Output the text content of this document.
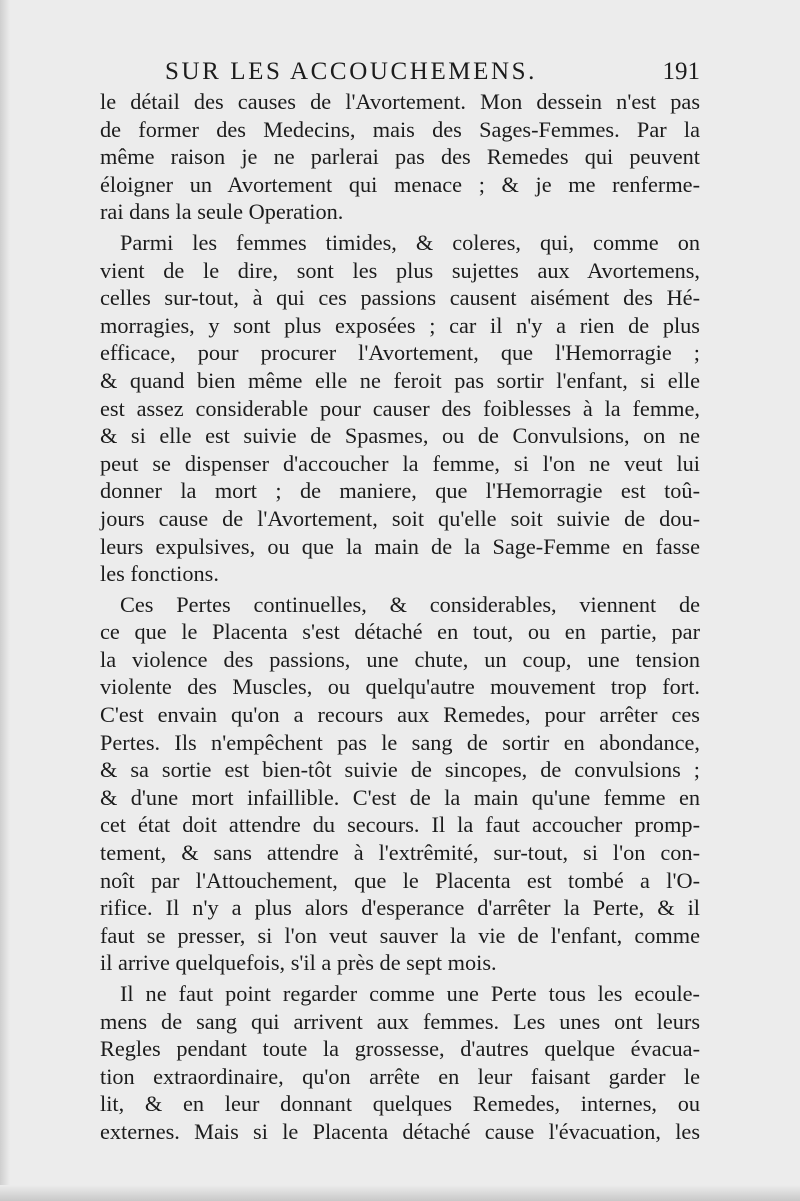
SUR LES ACCOUCHEMENS.	191
le détail des causes de l'Avortement. Mon dessein n'est pas
de former des Medecins, mais des Sages-Femmes. Par la
même raison je ne parlerai pas des Remedes qui peuvent
éloigner un Avortement qui menace ; & je me renferme-
rai dans la seule Operation.
Parmi les femmes timides, & coleres, qui, comme on
vient de le dire, sont les plus sujettes aux Avortemens,
celles sur-tout, à qui ces passions causent aisément des Hé-
morragies, y sont plus exposées ; car il n'y a rien de plus
efficace, pour procurer l'Avortement, que l'Hemorragie ;
& quand bien même elle ne feroit pas sortir l'enfant, si elle
est assez considerable pour causer des foiblesses à la femme,
& si elle est suivie de Spasmes, ou de Convulsions, on ne
peut se dispenser d'accoucher la femme, si l'on ne veut lui
donner la mort ; de maniere, que l'Hemorragie est toû-
jours cause de l'Avortement, soit qu'elle soit suivie de dou-
leurs expulsives, ou que la main de la Sage-Femme en fasse
les fonctions.
Ces Pertes continuelles, & considerables, viennent de
ce que le Placenta s'est détaché en tout, ou en partie, par
la violence des passions, une chute, un coup, une tension
violente des Muscles, ou quelqu'autre mouvement trop fort.
C'est envain qu'on a recours aux Remedes, pour arrêter ces
Pertes. Ils n'empêchent pas le sang de sortir en abondance,
& sa sortie est bien-tôt suivie de sincopes, de convulsions ;
& d'une mort infaillible. C'est de la main qu'une femme en
cet état doit attendre du secours. Il la faut accoucher promp-
tement, & sans attendre à l'extrêmité, sur-tout, si l'on con-
noît par l'Attouchement, que le Placenta est tombé a l'O-
rifice. Il n'y a plus alors d'esperance d'arrêter la Perte, & il
faut se presser, si l'on veut sauver la vie de l'enfant, comme
il arrive quelquefois, s'il a près de sept mois.
Il ne faut point regarder comme une Perte tous les ecoule-
mens de sang qui arrivent aux femmes. Les unes ont leurs
Regles pendant toute la grossesse, d'autres quelque évacua-
tion extraordinaire, qu'on arrête en leur faisant garder le
lit, & en leur donnant quelques Remedes, internes, ou
externes. Mais si le Placenta détaché cause l'évacuation, les
